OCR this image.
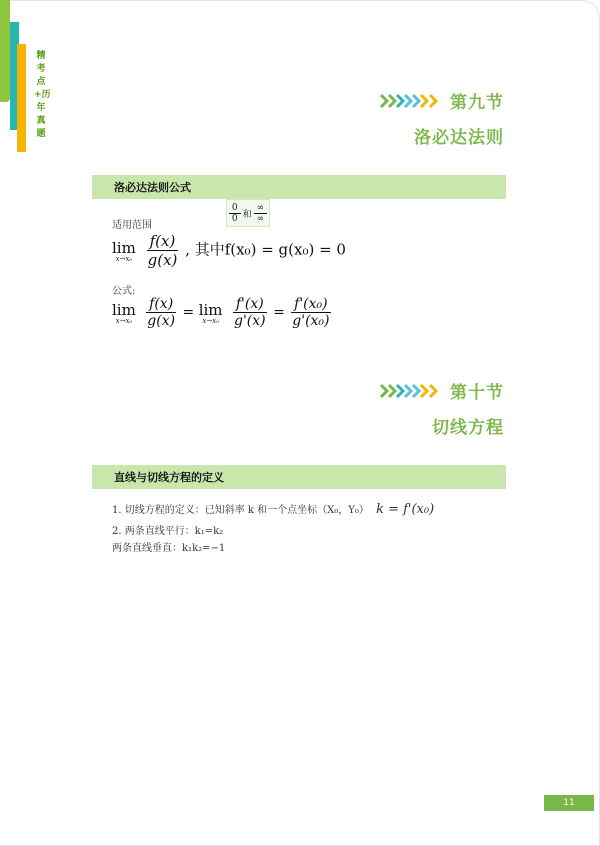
精考点+历年真题
第九节
洛必达法则
洛必达法则公式
适用范围
$\frac{0}{0}$ 和 $\frac{\infty}{\infty}$
lim
x→x₀
$\frac{f(x)}{g(x)}$ , 其中f(x₀) = g(x₀) = 0
公式:
lim
x→x₀
$\frac{f(x)}{g(x)} = \lim$
x→x₀
$\frac{f'(x)}{g'(x)} = \frac{\text{f'(x₀)}}{\text{g'(x₀)}}$
第十节
切线方程
直线与切线方程的定义
1. 切线方程的定义：已知斜率 k 和一个点坐标（X₀，Y₀） k = f'(x₀)
2. 两条直线平行：k₁=k₂
两条直线垂直：k₁k₂=−1
11
